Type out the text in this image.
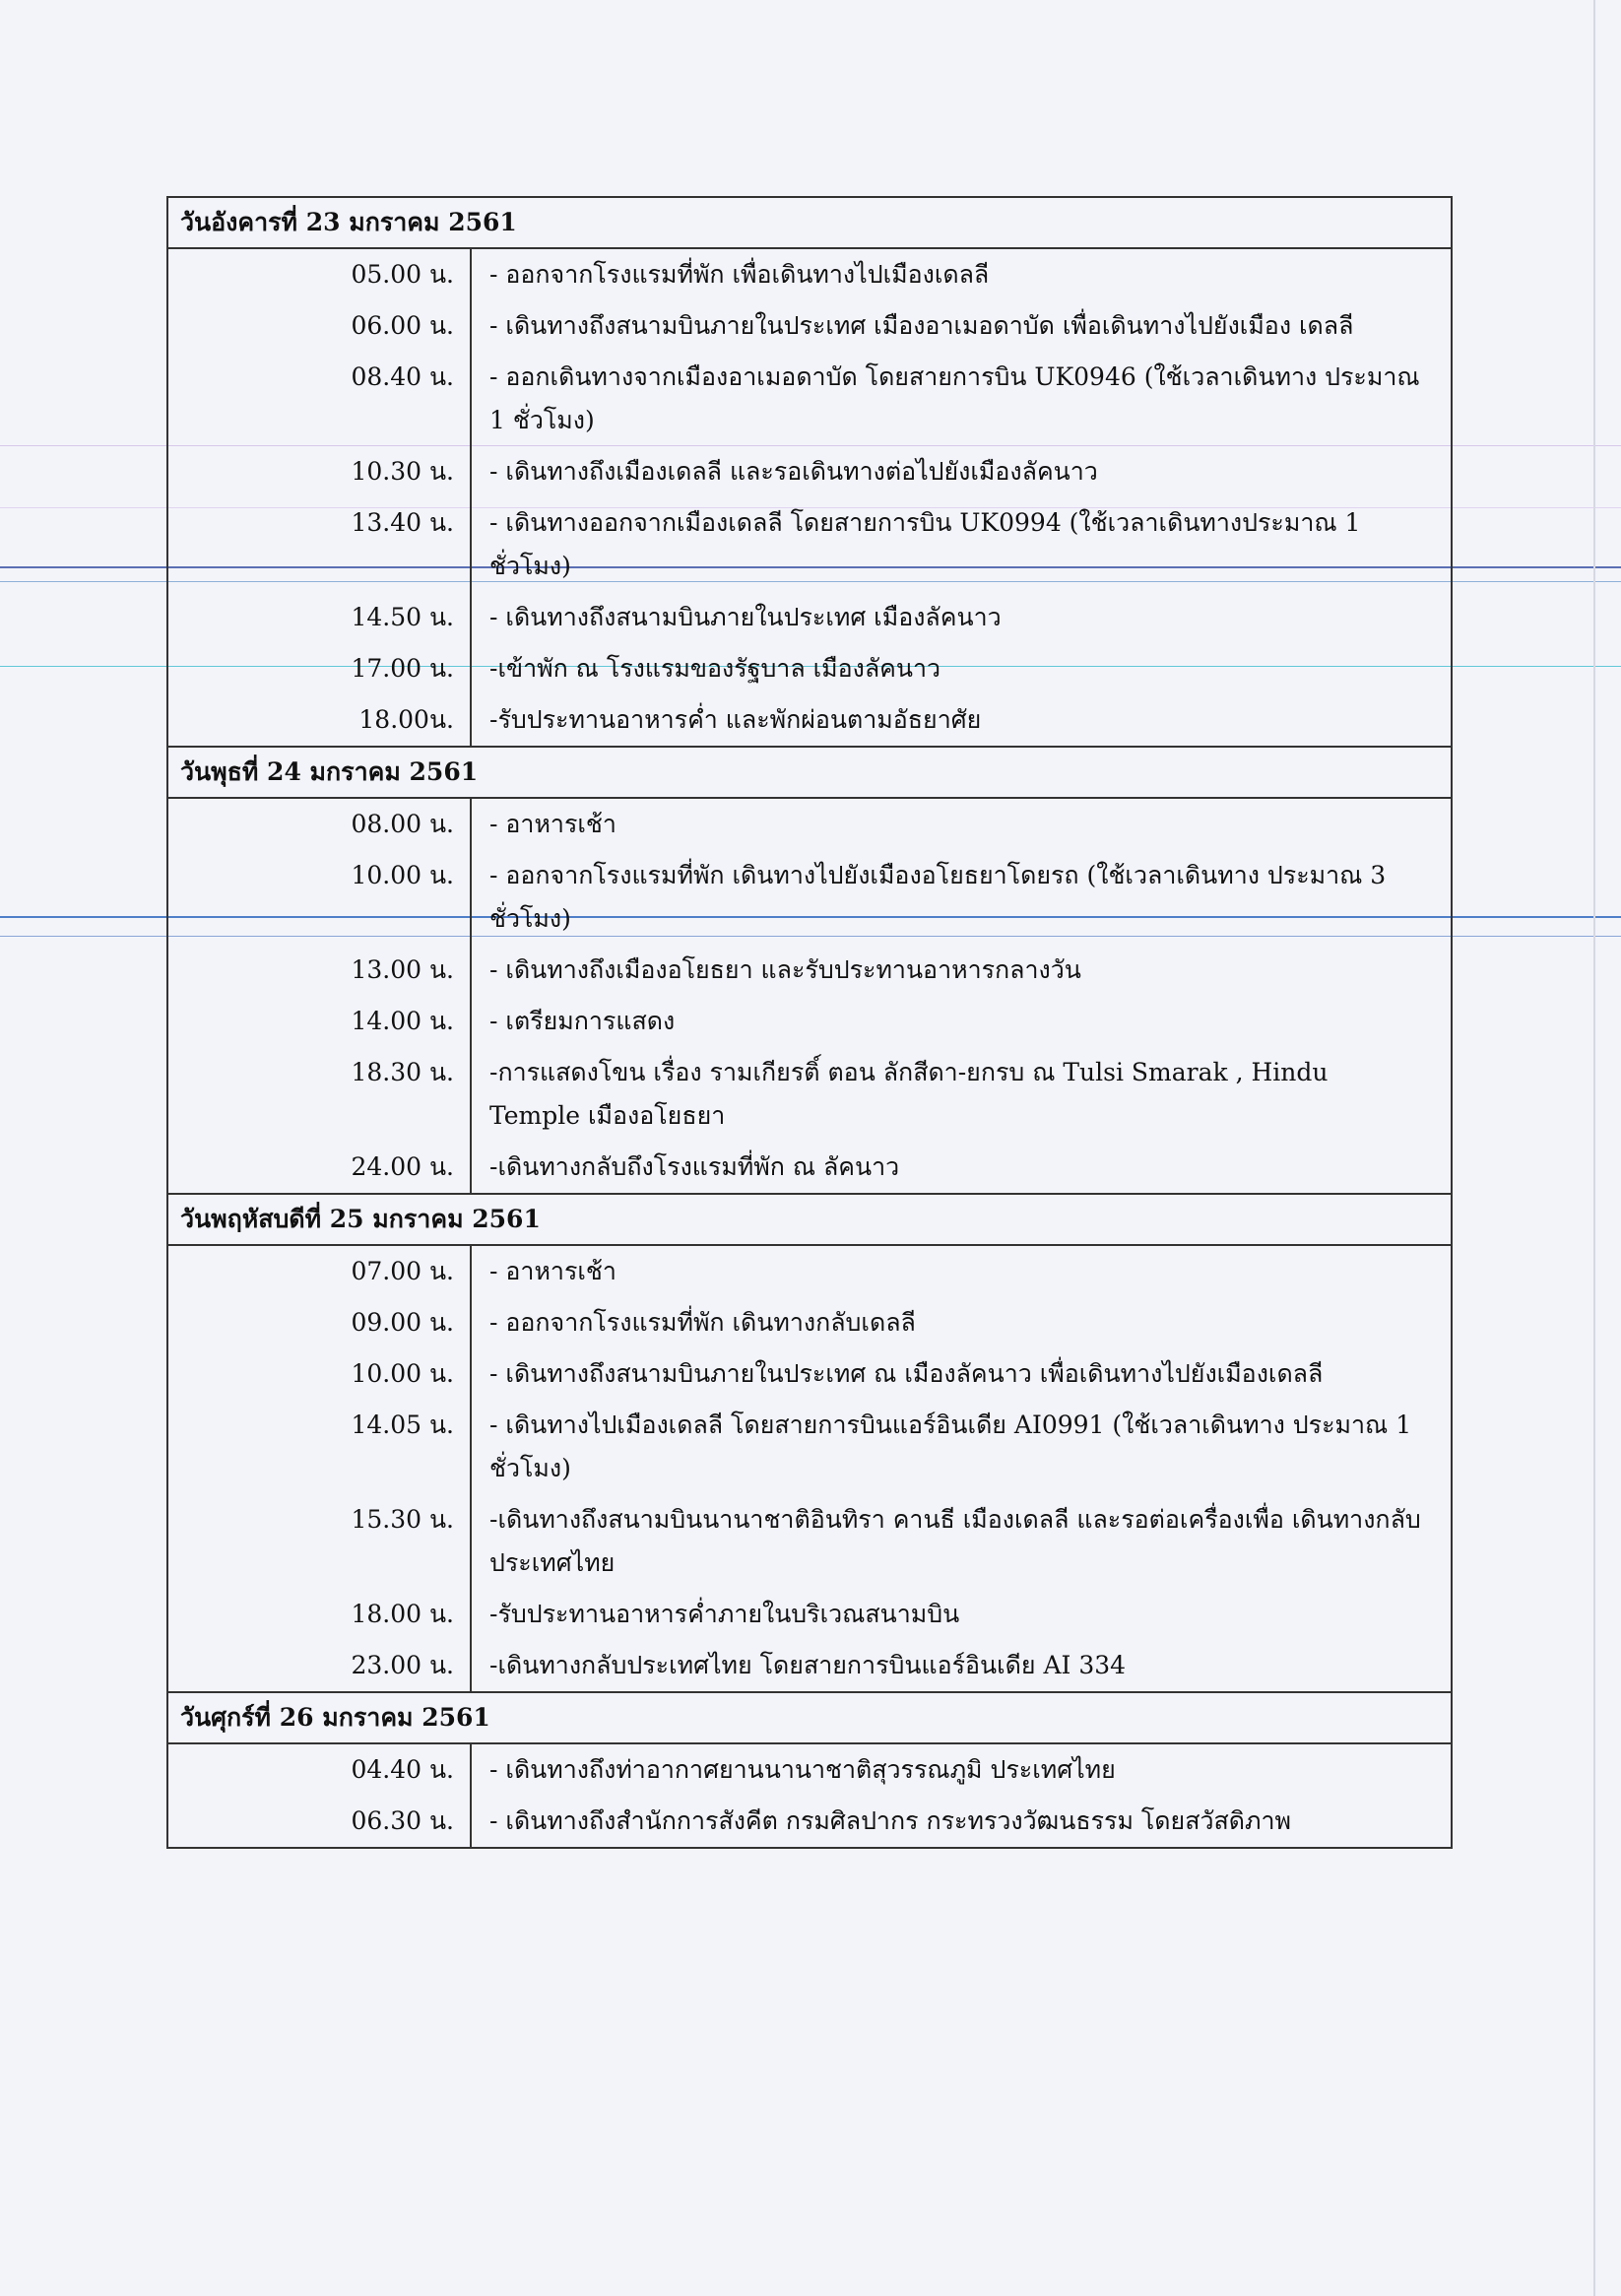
วันอังคารที่ 23 มกราคม 2561	
05.00 น.	- ออกจากโรงแรมที่พัก เพื่อเดินทางไปเมืองเดลลี
06.00 น.	- เดินทางถึงสนามบินภายในประเทศ เมืองอาเมอดาบัด เพื่อเดินทางไปยังเมือง เดลลี
08.40 น.	- ออกเดินทางจากเมืองอาเมอดาบัด โดยสายการบิน UK0946 (ใช้เวลาเดินทาง ประมาณ 1 ชั่วโมง)
10.30 น.	- เดินทางถึงเมืองเดลลี และรอเดินทางต่อไปยังเมืองลัคนาว
13.40 น.	- เดินทางออกจากเมืองเดลลี โดยสายการบิน UK0994 (ใช้เวลาเดินทางประมาณ 1 ชั่วโมง)
14.50 น.	- เดินทางถึงสนามบินภายในประเทศ เมืองลัคนาว
17.00 น.	-เข้าพัก ณ โรงแรมของรัฐบาล เมืองลัคนาว
18.00น.	-รับประทานอาหารค่ำ และพักผ่อนตามอัธยาศัย
วันพุธที่ 24 มกราคม 2561	
08.00 น.	- อาหารเช้า
10.00 น.	- ออกจากโรงแรมที่พัก เดินทางไปยังเมืองอโยธยาโดยรถ (ใช้เวลาเดินทาง ประมาณ 3 ชั่วโมง)
13.00 น.	- เดินทางถึงเมืองอโยธยา และรับประทานอาหารกลางวัน
14.00 น.	- เตรียมการแสดง
18.30 น.	-การแสดงโขน เรื่อง รามเกียรติ์ ตอน ลักสีดา-ยกรบ ณ Tulsi Smarak , Hindu Temple เมืองอโยธยา
24.00 น.	-เดินทางกลับถึงโรงแรมที่พัก ณ ลัคนาว
วันพฤหัสบดีที่ 25 มกราคม 2561	
07.00 น.	- อาหารเช้า
09.00 น.	- ออกจากโรงแรมที่พัก เดินทางกลับเดลลี
10.00 น.	- เดินทางถึงสนามบินภายในประเทศ ณ เมืองลัคนาว เพื่อเดินทางไปยังเมืองเดลลี
14.05 น.	- เดินทางไปเมืองเดลลี โดยสายการบินแอร์อินเดีย AI0991 (ใช้เวลาเดินทาง ประมาณ 1 ชั่วโมง)
15.30 น.	-เดินทางถึงสนามบินนานาชาติอินทิรา คานธี เมืองเดลลี และรอต่อเครื่องเพื่อ เดินทางกลับประเทศไทย
18.00 น.	-รับประทานอาหารค่ำภายในบริเวณสนามบิน
23.00 น.	-เดินทางกลับประเทศไทย โดยสายการบินแอร์อินเดีย AI 334
วันศุกร์ที่ 26 มกราคม 2561	
04.40 น.	- เดินทางถึงท่าอากาศยานนานาชาติสุวรรณภูมิ ประเทศไทย
06.30 น.	- เดินทางถึงสำนักการสังคีต กรมศิลปากร กระทรวงวัฒนธรรม โดยสวัสดิภาพ
